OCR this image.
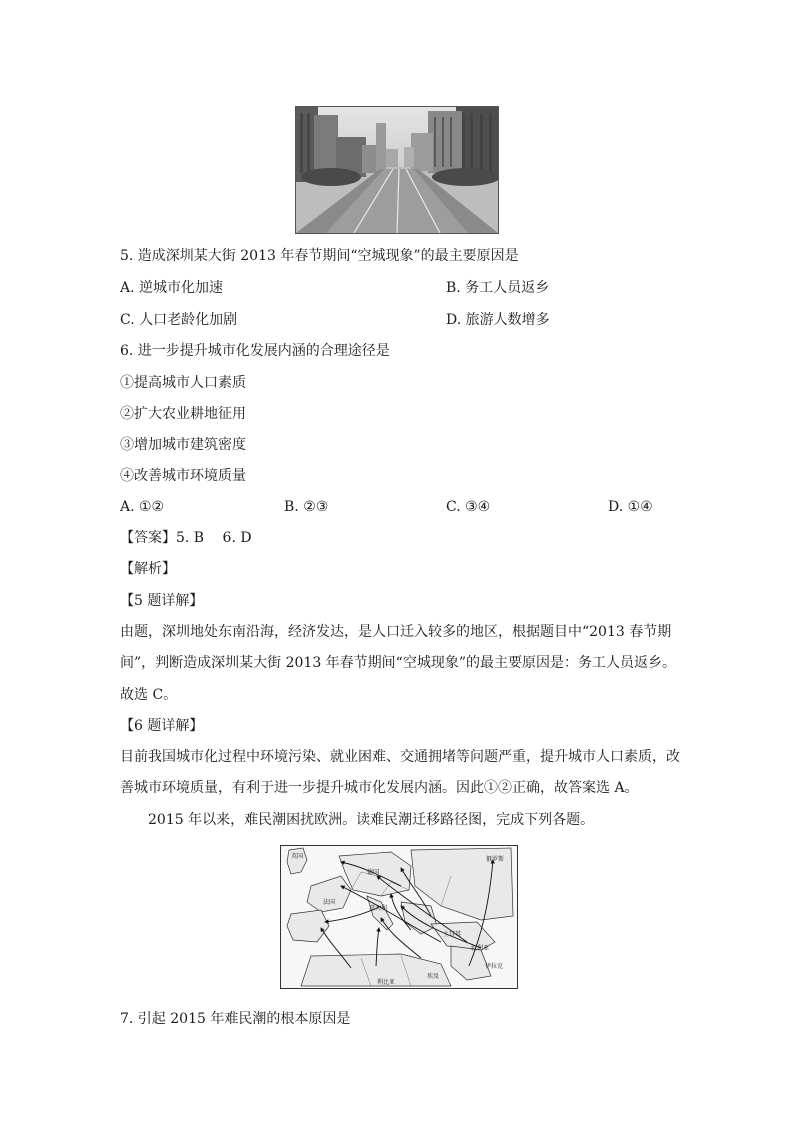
5. 造成深圳某大街 2013 年春节期间“空城现象”的最主要原因是
A. 逆城市化加速	B. 务工人员返乡
C. 人口老龄化加剧	D. 旅游人数增多
6. 进一步提升城市化发展内涵的合理途径是
①提高城市人口素质
②扩大农业耕地征用
③增加城市建筑密度
④改善城市环境质量
A. ①②	B. ②③	C. ③④	D. ①④
【答案】5. B　 6. D
【解析】
【5 题详解】
由题，深圳地处东南沿海，经济发达，是人口迁入较多的地区，根据题目中“2013 春节期
间”，判断造成深圳某大街 2013 年春节期间“空城现象”的最主要原因是：务工人员返乡。
故选 C。
【6 题详解】
目前我国城市化过程中环境污染、就业困难、交通拥堵等问题严重，提升城市人口素质，改
善城市环境质量，有利于进一步提升城市化发展内涵。因此①②正确，故答案选 A。
2015 年以来，难民潮困扰欧洲。读难民潮迁移路径图，完成下列各题。
英国
德国
俄罗斯
法国
意大利
土耳其
叙利亚
伊拉克
利比亚
埃及
7. 引起 2015 年难民潮的根本原因是
